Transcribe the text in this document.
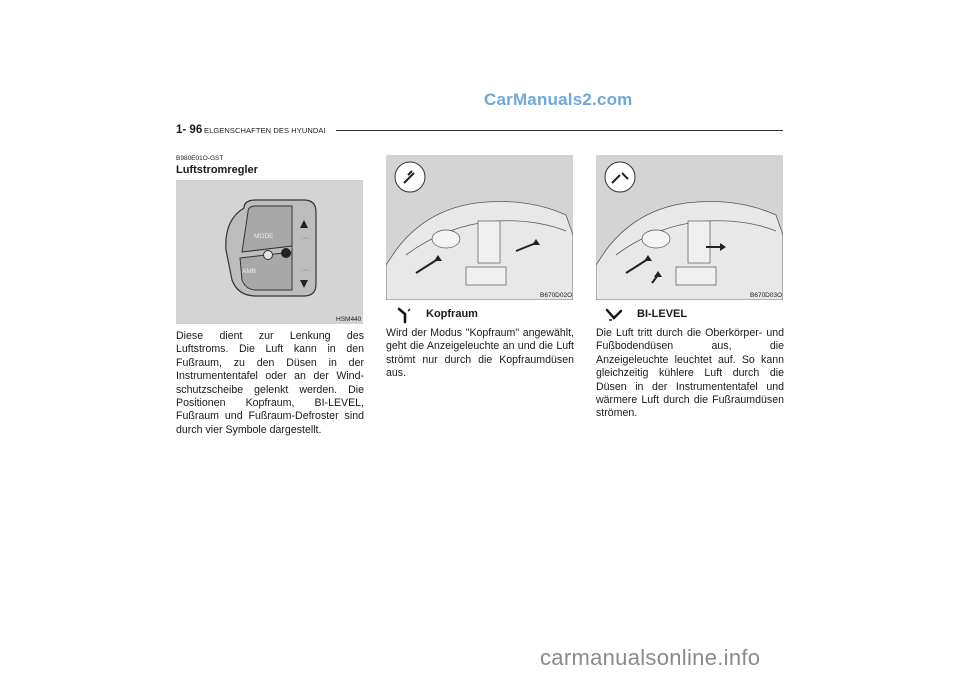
CarManuals2.com
1- 96 ELGENSCHAFTEN DES HYUNDAI
B980E01O-GST
Luftstromregler
MODE
AMB
HSM440
Diese dient zur Lenkung des Luftstroms. Die Luft kann in den Fußraum, zu den Düsen in der Instrumententafel oder an der Wind-schutzscheibe gelenkt werden. Die Positionen Kopfraum, BI-LEVEL, Fußraum und Fußraum-Defroster sind durch vier Symbole dargestellt.
B670D02O
Kopfraum
Wird der Modus "Kopfraum" angewählt, geht die Anzeigeleuchte an und die Luft strömt nur durch die Kopfraumdüsen aus.
B670D03O
BI-LEVEL
Die Luft tritt durch die Oberkörper- und Fußbodendüsen aus, die Anzeigeleuchte leuchtet auf. So kann gleichzeitig kühlere Luft durch die Düsen in der Instrumententafel und wärmere Luft durch die Fußraumdüsen strömen.
carmanualsonline.info
